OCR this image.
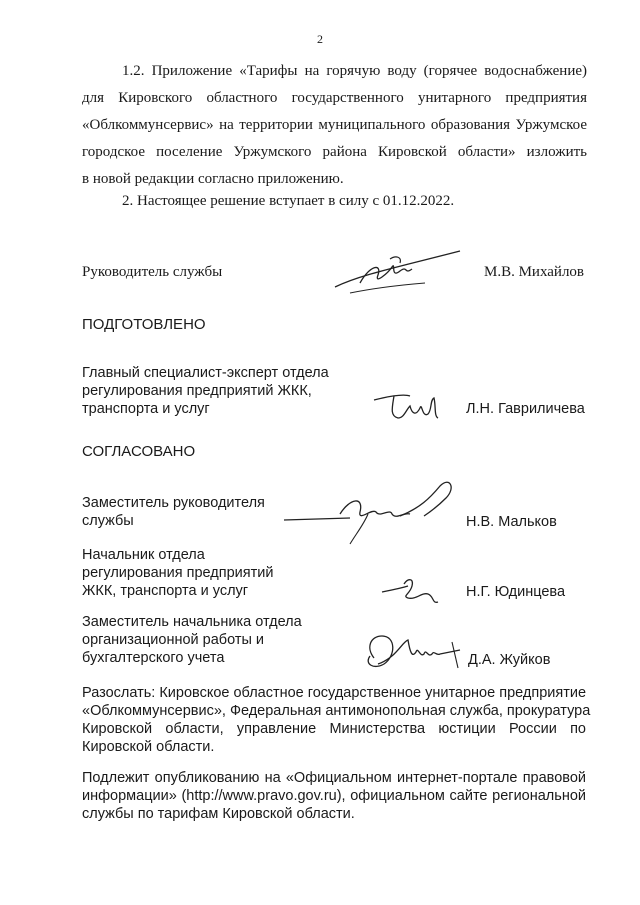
2
1.2. Приложение «Тарифы на горячую воду (горячее водоснабжение)
для Кировского областного государственного унитарного предприятия
«Облкоммунсервис» на территории муниципального образования Уржумское
городское поселение Уржумского района Кировской области» изложить
в новой редакции согласно приложению.
2. Настоящее решение вступает в силу с 01.12.2022.
Руководитель службы	М.В. Михайлов
ПОДГОТОВЛЕНО
Главный специалист-эксперт отдела
регулирования предприятий ЖКК,
транспорта и услуг	Л.Н. Гавриличева
СОГЛАСОВАНО
Заместитель руководителя
службы	Н.В. Мальков
Начальник отдела
регулирования предприятий
ЖКК, транспорта и услуг	Н.Г. Юдинцева
Заместитель начальника отдела
организационной работы и
бухгалтерского учета	Д.А. Жуйков
Разослать: Кировское областное государственное унитарное предприятие
«Облкоммунсервис», Федеральная антимонопольная служба, прокуратура
Кировской области, управление Министерства юстиции России по
Кировской области.
Подлежит опубликованию на «Официальном интернет-портале правовой
информации» (http://www.pravo.gov.ru), официальном сайте региональной
службы по тарифам Кировской области.
